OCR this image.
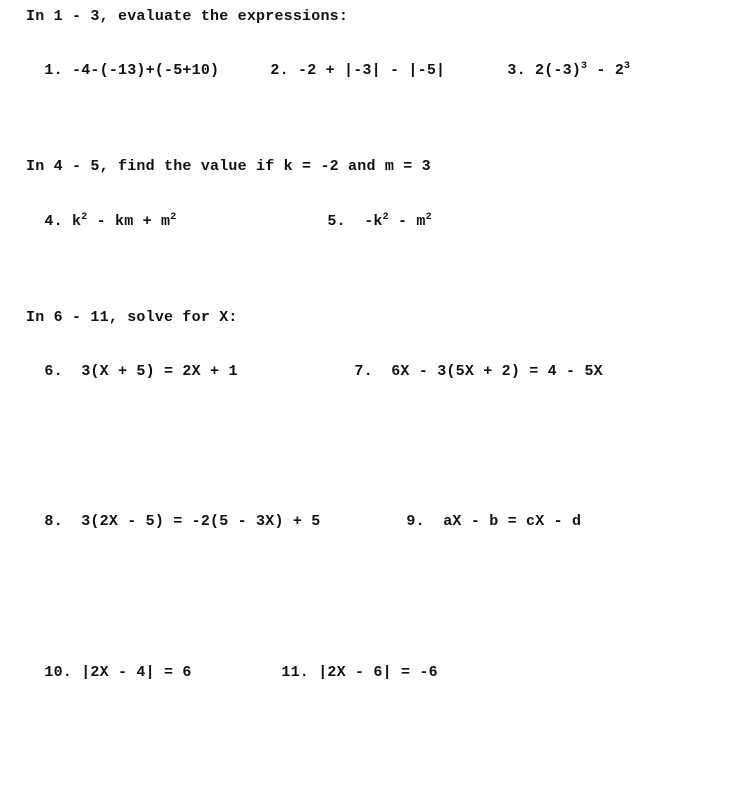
In 1 - 3, evaluate the expressions:

1. -4-(-13)+(-5+10)	2. -2 + |-3| - |-5|	3. $2(-3)^3 - 2^3$

In 4 - 5, find the value if k = -2 and m = 3

4. $k^2$ - km + $m^2$	5. $-k^2 - m^2$

In 6 - 11, solve for X:

6. 3(X + 5) = 2X + 1	7. 6X - 3(5X + 2) = 4 - 5X

8. 3(2X - 5) = -2(5 - 3X) + 5	9. aX - b = cX - d

10. |2X - 4| = 6	11. |2X - 6| = -6
